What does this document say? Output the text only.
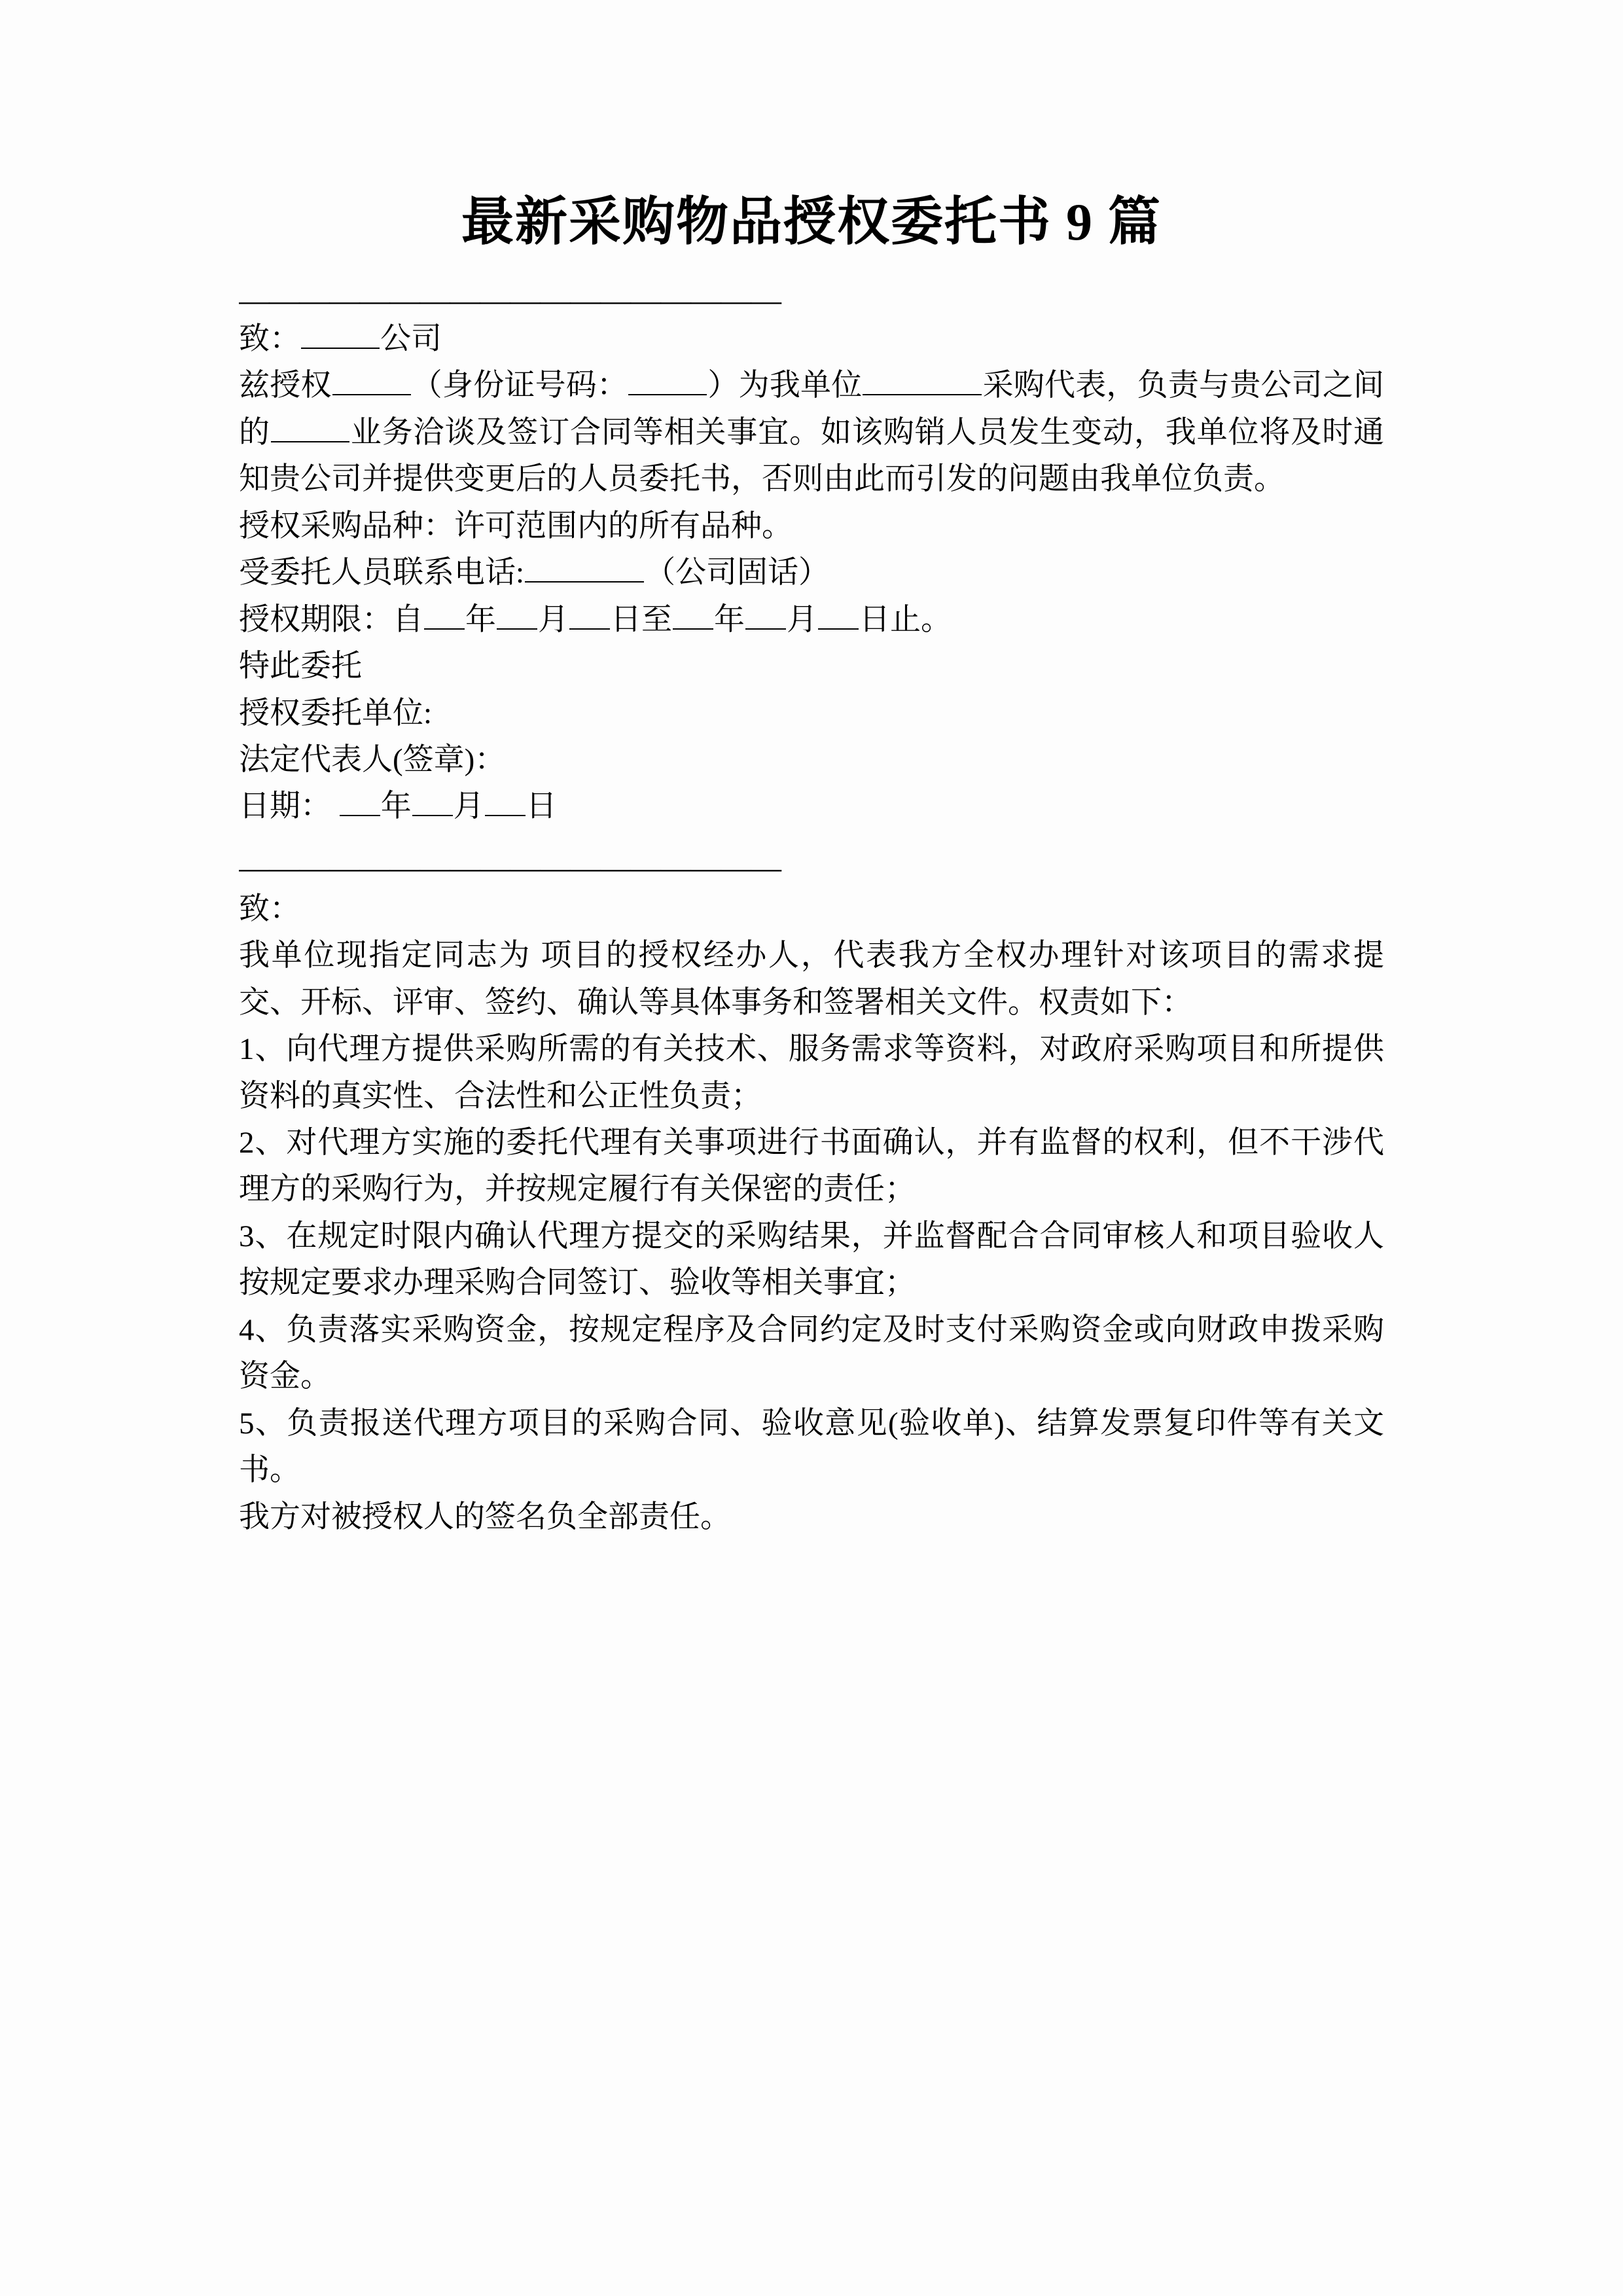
最新采购物品授权委托书 9 篇
——————————————————

致：	公司

兹授权	（身份证号码：	）为我单位	采购代表，负责与贵公司之间的	业务洽谈及签订合同等相关事宜。如该购销人员发生变动，我单位将及时通知贵公司并提供变更后的人员委托书，否则由此而引发的问题由我单位负责。

授权采购品种：许可范围内的所有品种。

受委托人员联系电话:	（公司固话）

授权期限：自 年 月 日至 年 月 日止。

特此委托

授权委托单位:

法定代表人(签章)：

日期： 年 月 日

——————————————————

致：

我单位现指定同志为 项目的授权经办人，代表我方全权办理针对该项目的需求提交、开标、评审、签约、确认等具体事务和签署相关文件。权责如下：

1、向代理方提供采购所需的有关技术、服务需求等资料，对政府采购项目和所提供资料的真实性、合法性和公正性负责；

2、对代理方实施的委托代理有关事项进行书面确认，并有监督的权利，但不干涉代理方的采购行为，并按规定履行有关保密的责任；

3、在规定时限内确认代理方提交的采购结果，并监督配合合同审核人和项目验收人按规定要求办理采购合同签订、验收等相关事宜；

4、负责落实采购资金，按规定程序及合同约定及时支付采购资金或向财政申拨采购资金。

5、负责报送代理方项目的采购合同、验收意见(验收单)、结算发票复印件等有关文书。

我方对被授权人的签名负全部责任。
